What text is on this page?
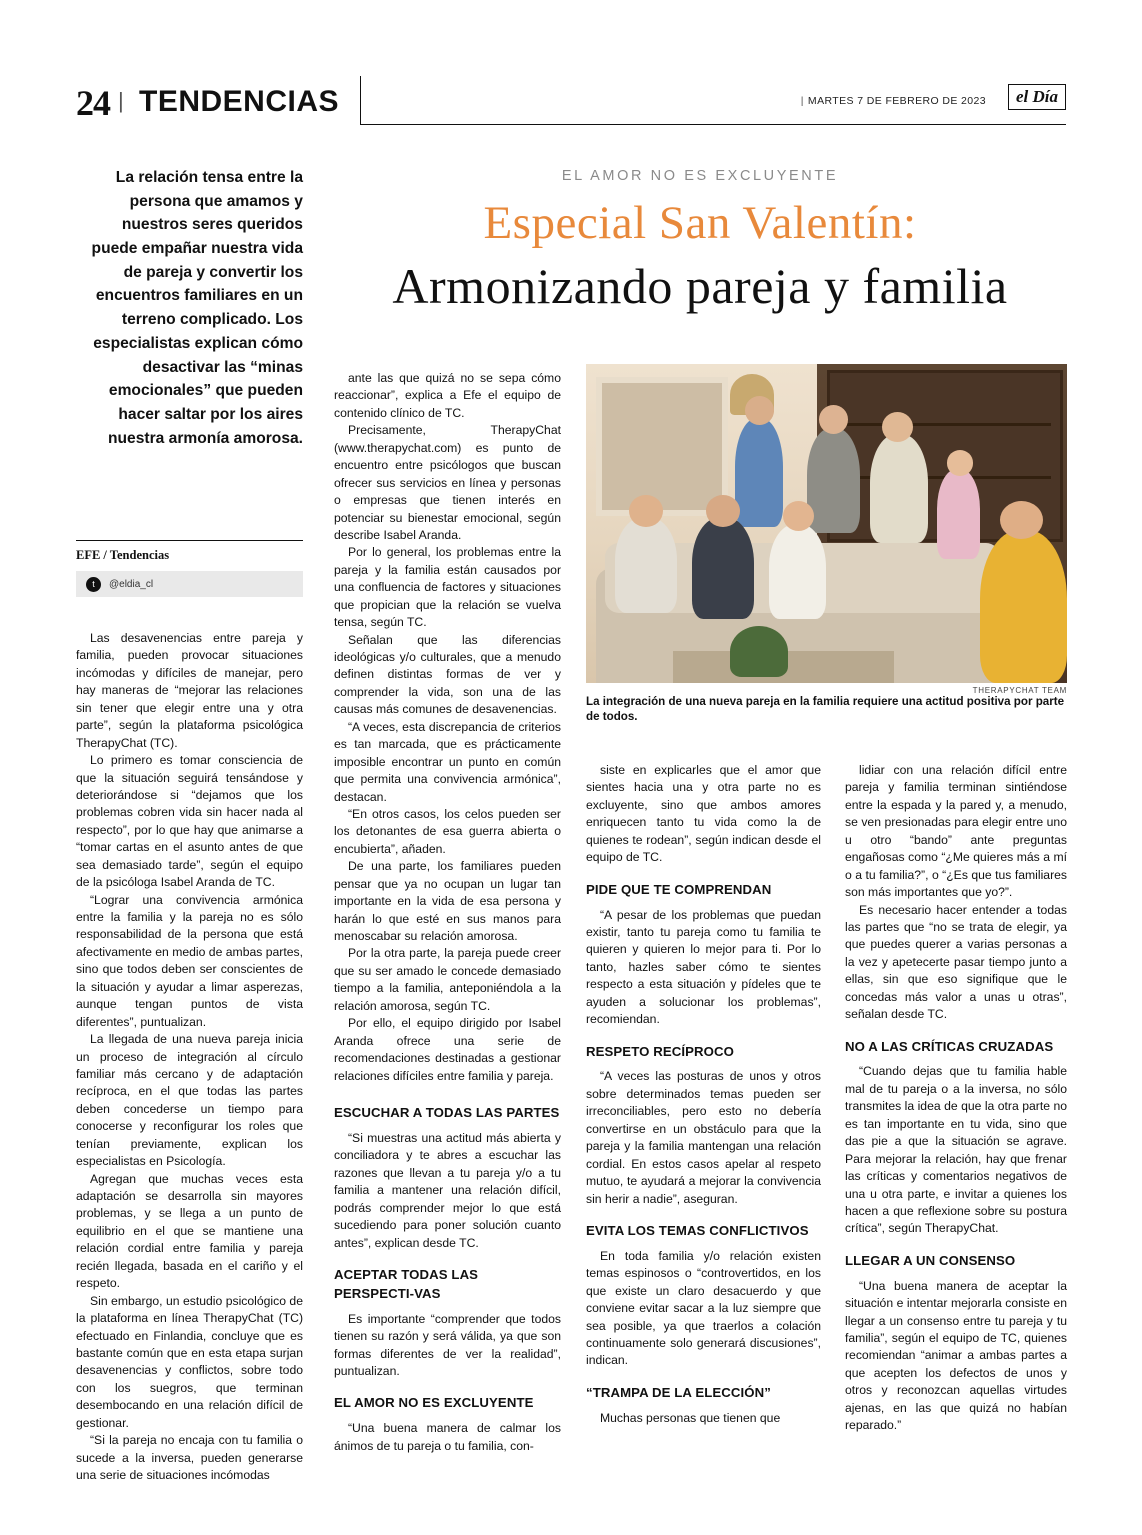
24 | TENDENCIAS	| MARTES 7 DE FEBRERO DE 2023	el Día
La relación tensa entre la persona que amamos y nuestros seres queridos puede empañar nuestra vida de pareja y convertir los encuentros familiares en un terreno complicado. Los especialistas explican cómo desactivar las “minas emocionales” que pueden hacer saltar por los aires nuestra armonía amorosa.
EFE / Tendencias
t	@eldia_cl
EL AMOR NO ES EXCLUYENTE
Especial San Valentín:
Armonizando pareja y familia
THERAPYCHAT TEAM
La integración de una nueva pareja en la familia requiere una actitud positiva por parte de todos.

Las desavenencias entre pareja y familia, pueden provocar situaciones incómodas y difíciles de manejar, pero hay maneras de “mejorar las relaciones sin tener que elegir entre una y otra parte”, según la plataforma psicológica TherapyChat (TC).

Lo primero es tomar consciencia de que la situación seguirá tensándose y deteriorándose si “dejamos que los problemas cobren vida sin hacer nada al respecto”, por lo que hay que animarse a “tomar cartas en el asunto antes de que sea demasiado tarde”, según el equipo de la psicóloga Isabel Aranda de TC.

“Lograr una convivencia armónica entre la familia y la pareja no es sólo responsabilidad de la persona que está afectivamente en medio de ambas partes, sino que todos deben ser conscientes de la situación y ayudar a limar asperezas, aunque tengan puntos de vista diferentes”, puntualizan.

La llegada de una nueva pareja inicia un proceso de integración al círculo familiar más cercano y de adaptación recíproca, en el que todas las partes deben concederse un tiempo para conocerse y reconfigurar los roles que tenían previamente, explican los especialistas en Psicología.

Agregan que muchas veces esta adaptación se desarrolla sin mayores problemas, y se llega a un punto de equilibrio en el que se mantiene una relación cordial entre familia y pareja recién llegada, basada en el cariño y el respeto.

Sin embargo, un estudio psicológico de la plataforma en línea TherapyChat (TC) efectuado en Finlandia, concluye que es bastante común que en esta etapa surjan desavenencias y conflictos, sobre todo con los suegros, que terminan desembocando en una relación difícil de gestionar.

“Si la pareja no encaja con tu familia o sucede a la inversa, pueden generarse una serie de situaciones incómodas

ante las que quizá no se sepa cómo reaccionar”, explica a Efe el equipo de contenido clínico de TC.

Precisamente, TherapyChat (www.therapychat.com) es punto de encuentro entre psicólogos que buscan ofrecer sus servicios en línea y personas o empresas que tienen interés en potenciar su bienestar emocional, según describe Isabel Aranda.

Por lo general, los problemas entre la pareja y la familia están causados por una confluencia de factores y situaciones que propician que la relación se vuelva tensa, según TC.

Señalan que las diferencias ideológicas y/o culturales, que a menudo definen distintas formas de ver y comprender la vida, son una de las causas más comunes de desavenencias.

“A veces, esta discrepancia de criterios es tan marcada, que es prácticamente imposible encontrar un punto en común que permita una convivencia armónica”, destacan.

“En otros casos, los celos pueden ser los detonantes de esa guerra abierta o encubierta”, añaden.

De una parte, los familiares pueden pensar que ya no ocupan un lugar tan importante en la vida de esa persona y harán lo que esté en sus manos para menoscabar su relación amorosa.

Por la otra parte, la pareja puede creer que su ser amado le concede demasiado tiempo a la familia, anteponiéndola a la relación amorosa, según TC.

Por ello, el equipo dirigido por Isabel Aranda ofrece una serie de recomendaciones destinadas a gestionar relaciones difíciles entre familia y pareja.

ESCUCHAR A TODAS LAS PARTES

“Si muestras una actitud más abierta y conciliadora y te abres a escuchar las razones que llevan a tu pareja y/o a tu familia a mantener una relación difícil, podrás comprender mejor lo que está sucediendo para poner solución cuanto antes”, explican desde TC.

ACEPTAR TODAS LAS PERSPECTI-VAS

Es importante “comprender que todos tienen su razón y será válida, ya que son formas diferentes de ver la realidad”, puntualizan.

EL AMOR NO ES EXCLUYENTE

“Una buena manera de calmar los ánimos de tu pareja o tu familia, con-

siste en explicarles que el amor que sientes hacia una y otra parte no es excluyente, sino que ambos amores enriquecen tanto tu vida como la de quienes te rodean”, según indican desde el equipo de TC.

PIDE QUE TE COMPRENDAN

“A pesar de los problemas que puedan existir, tanto tu pareja como tu familia te quieren y quieren lo mejor para ti. Por lo tanto, hazles saber cómo te sientes respecto a esta situación y pídeles que te ayuden a solucionar los problemas”, recomiendan.

RESPETO RECÍPROCO

“A veces las posturas de unos y otros sobre determinados temas pueden ser irreconciliables, pero esto no debería convertirse en un obstáculo para que la pareja y la familia mantengan una relación cordial. En estos casos apelar al respeto mutuo, te ayudará a mejorar la convivencia sin herir a nadie”, aseguran.

EVITA LOS TEMAS CONFLICTIVOS

En toda familia y/o relación existen temas espinosos o “controvertidos, en los que existe un claro desacuerdo y que conviene evitar sacar a la luz siempre que sea posible, ya que traerlos a colación continuamente solo generará discusiones”, indican.

“TRAMPA DE LA ELECCIÓN”

Muchas personas que tienen que

lidiar con una relación difícil entre pareja y familia terminan sintiéndose entre la espada y la pared y, a menudo, se ven presionadas para elegir entre uno u otro “bando” ante preguntas engañosas como “¿Me quieres más a mí o a tu familia?”, o “¿Es que tus familiares son más importantes que yo?”.

Es necesario hacer entender a todas las partes que “no se trata de elegir, ya que puedes querer a varias personas a la vez y apetecerte pasar tiempo junto a ellas, sin que eso signifique que le concedas más valor a unas u otras”, señalan desde TC.

NO A LAS CRÍTICAS CRUZADAS

“Cuando dejas que tu familia hable mal de tu pareja o a la inversa, no sólo transmites la idea de que la otra parte no es tan importante en tu vida, sino que das pie a que la situación se agrave. Para mejorar la relación, hay que frenar las críticas y comentarios negativos de una u otra parte, e invitar a quienes los hacen a que reflexione sobre su postura crítica”, según TherapyChat.

LLEGAR A UN CONSENSO

“Una buena manera de aceptar la situación e intentar mejorarla consiste en llegar a un consenso entre tu pareja y tu familia”, según el equipo de TC, quienes recomiendan “animar a ambas partes a que acepten los defectos de unos y otros y reconozcan aquellas virtudes ajenas, en las que quizá no habían reparado.”
